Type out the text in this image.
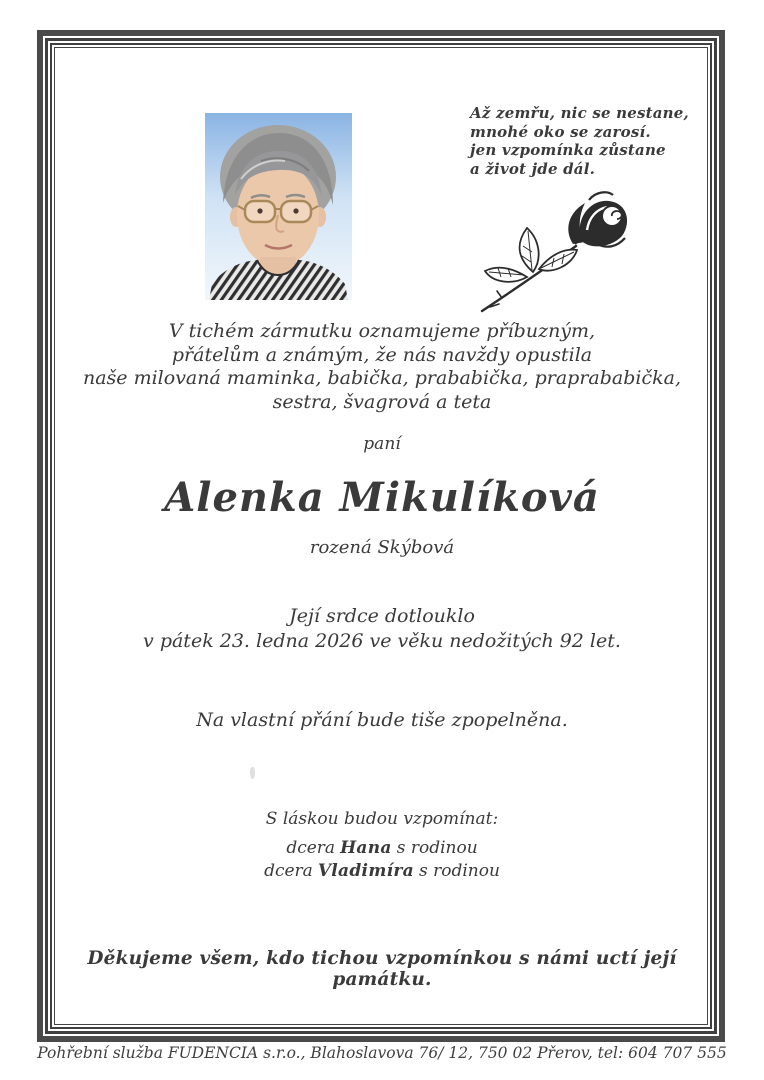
Až zemřu, nic se nestane,
mnohé oko se zarosí.
jen vzpomínka zůstane
a život jde dál.
V tichém zármutku oznamujeme příbuzným,
přátelům a známým, že nás navždy opustila
naše milovaná maminka, babička, prababička, praprababička,
sestra, švagrová a teta
paní
Alenka Mikulíková
rozená Skýbová
Její srdce dotlouklo
v pátek 23. ledna 2026 ve věku nedožitých 92 let.
Na vlastní přání bude tiše zpopelněna.
S láskou budou vzpomínat:
dcera Hana s rodinou
dcera Vladimíra s rodinou
Děkujeme všem, kdo tichou vzpomínkou s námi uctí její památku.
Pohřební služba FUDENCIA s.r.o., Blahoslavova 76/ 12, 750 02 Přerov, tel: 604 707 555
